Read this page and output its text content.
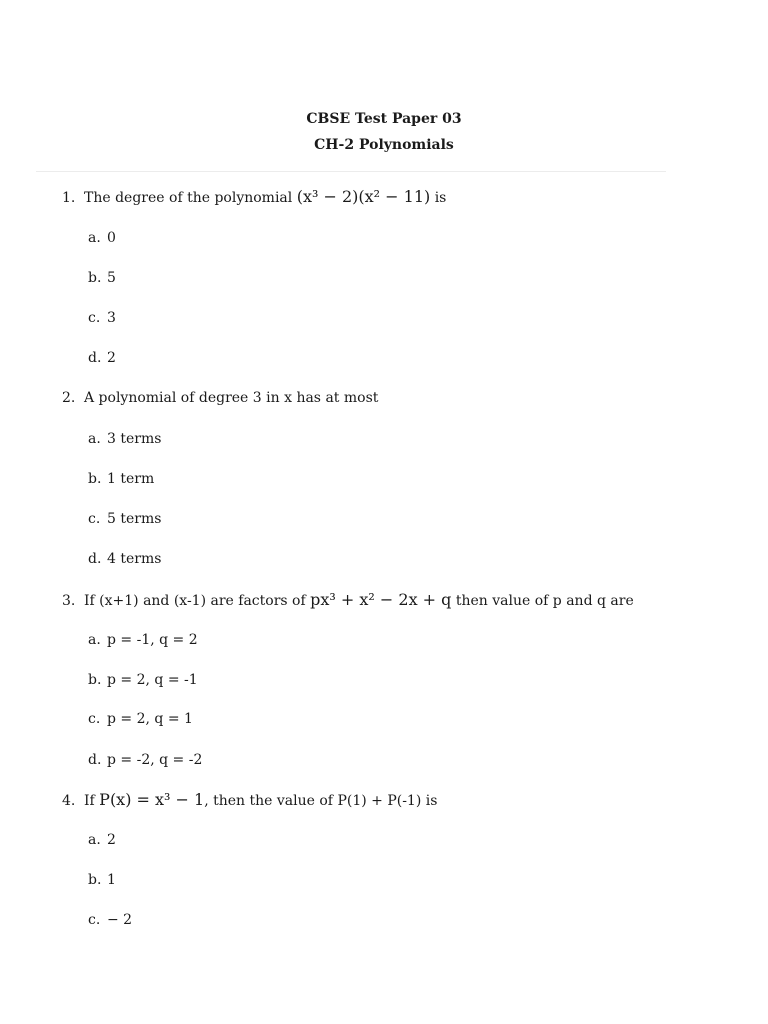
CBSE Test Paper 03
CH-2 Polynomials
1. The degree of the polynomial (x³ − 2)(x² − 11) is
a. 0
b. 5
c. 3
d. 2
2. A polynomial of degree 3 in x has at most
a. 3 terms
b. 1 term
c. 5 terms
d. 4 terms
3. If (x+1) and (x-1) are factors of px³ + x² − 2x + q then value of p and q are
a. p = -1, q = 2
b. p = 2, q = -1
c. p = 2, q = 1
d. p = -2, q = -2
4. If P(x) = x³ − 1, then the value of P(1) + P(-1) is
a. 2
b. 1
c. − 2
